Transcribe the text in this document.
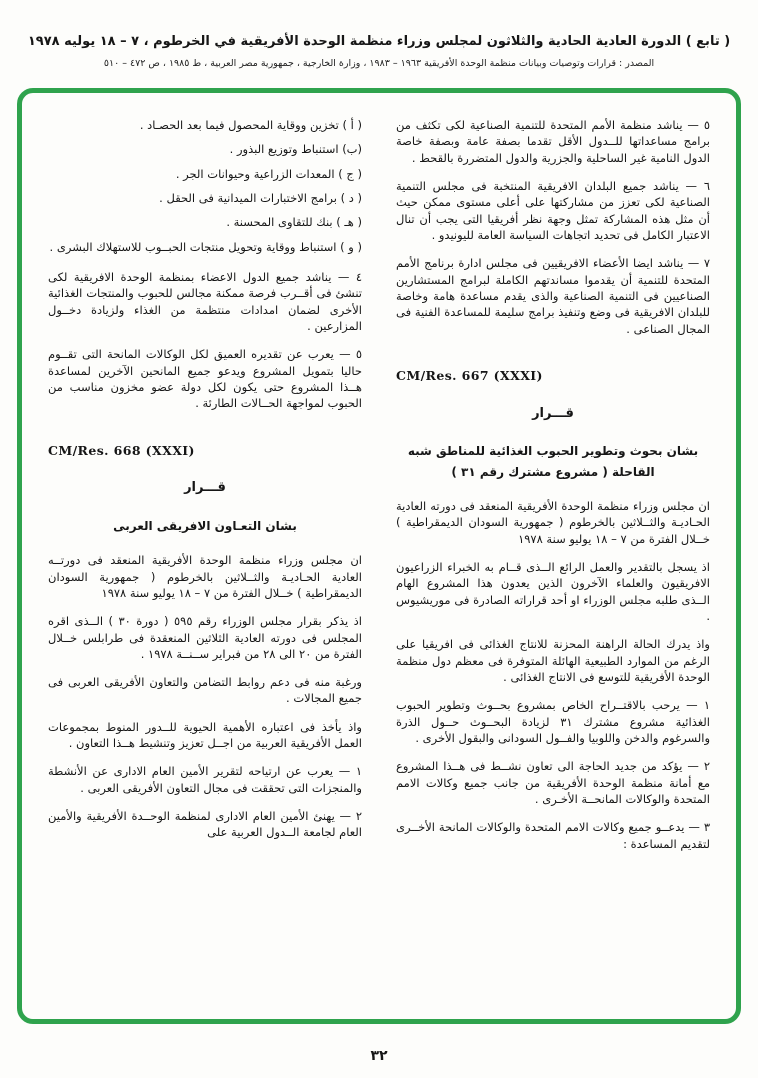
( تابع ) الدورة العادية الحادية والثلاثون لمجلس وزراء منظمة الوحدة الأفريقية في الخرطوم ، ٧ – ١٨ يوليه ١٩٧٨
المصدر : قرارات وتوصيات وبيانات منظمة الوحدة الأفريقية ١٩٦٣ – ١٩٨٣ ، وزارة الخارجية ، جمهورية مصر العربية ، ط ١٩٨٥ ، ص ٤٧٢ – ٥١٠

٥ — يناشد منظمة الأمم المتحدة للتنمية الصناعية لكى تكثف من برامج مساعداتها للــدول الأقل تقدما بصفة عامة وبصفة خاصة الدول النامية غير الساحلية والجزرية والدول المتضررة بالقحط .

٦ — يناشد جميع البلدان الافريقية المنتخبة فى مجلس التنمية الصناعية لكى تعزز من مشاركتها على أعلى مستوى ممكن حيث أن مثل هذه المشاركة تمثل وجهة نظر أفريقيا التى يجب أن تنال الاعتبار الكامل فى تحديد اتجاهات السياسة العامة لليونيدو .

٧ — يناشد ايضا الأعضاء الافريقيين فى مجلس ادارة برنامج الأمم المتحدة للتنمية أن يقدموا مساندتهم الكاملة لبرامج المستشارين الصناعيين فى التنمية الصناعية والذى يقدم مساعدة هامة وخاصة للبلدان الافريقية فى وضع وتنفيذ برامج سليمة للمساعدة الفنية فى المجال الصناعى .

CM/Res. 667 (XXXI)
قـــرار
بشان بحوث وتطوير الحبوب الغذائية للمناطق شبه القاحلة ( مشروع مشترك رقم ٣١ )

ان مجلس وزراء منظمة الوحدة الأفريقية المنعقد فى دورته العادية الحـاديـة والثــلاثين بالخرطوم ( جمهورية السودان الديمقراطية ) خــلال الفترة من ٧ – ١٨ يوليو سنة ١٩٧٨

اذ يسجل بالتقدير والعمل الرائع الــذى قــام به الخبراء الزراعيون الافريقيون والعلماء الآخرون الذين يعدون هذا المشروع الهام الــذى طلبه مجلس الوزراء او أحد قراراته الصادرة فى موريشيوس .

واذ يدرك الحالة الراهنة المحزنة للانتاج الغذائى فى افريقيا على الرغم من الموارد الطبيعية الهائلة المتوفرة فى معظم دول منظمة الوحدة الأفريقية للتوسع فى الانتاج الغذائى .

١ — يرحب بالاقتــراح الخاص بمشروع بحــوث وتطوير الحبوب الغذائية مشروع مشترك ٣١ لزيادة البحــوث حــول الذرة والسرغوم والدخن واللوبيا والفــول السودانى والبقول الأخرى .

٢ — يؤكد من جديد الحاجة الى تعاون نشــط فى هــذا المشروع مع أمانة منظمة الوحدة الأفريقية من جانب جميع وكالات الامم المتحدة والوكالات المانحــة الأخـرى .

٣ — يدعــو جميع وكالات الامم المتحدة والوكالات المانحة الأخــرى لتقديم المساعدة :

( أ ) تخزين ووقاية المحصول فيما بعد الحصـاد .

(ب) استنباط وتوزيع البذور .

( ج ) المعدات الزراعية وحيوانات الجر .

( د ) برامج الاختبارات الميدانية فى الحقل .

( هـ ) بنك للتقاوى المحسنة .

( و ) استنباط ووقاية وتحويل منتجات الحبــوب للاستهلاك البشرى .

٤ — يناشد جميع الدول الاعضاء بمنظمة الوحدة الافريقية لكى تنشئ فى أقــرب فرصة ممكنة مجالس للحبوب والمنتجات الغذائية الأخرى لضمان امدادات منتظمة من الغذاء ولزيادة دخــول المزارعين .

٥ — يعرب عن تقديره العميق لكل الوكالات المانحة التى تقــوم حاليا بتمويل المشروع ويدعو جميع المانحين الآخرين لمساعدة هــذا المشروع حتى يكون لكل دولة عضو مخزون مناسب من الحبوب لمواجهة الحــالات الطارئة .

CM/Res. 668 (XXXI)
قـــرار
بشان التعـاون الافريقى العربى

ان مجلس وزراء منظمة الوحدة الأفريقية المنعقد فى دورتــه العادية الحـاديـة والثــلاثين بالخرطوم ( جمهورية السودان الديمقراطية ) خــلال الفترة من ٧ – ١٨ يوليو سنة ١٩٧٨

اذ يذكر بقرار مجلس الوزراء رقم ٥٩٥ ( دورة ٣٠ ) الــذى اقره المجلس فى دورته العادية الثلاثين المنعقدة فى طرابلس خــلال الفترة من ٢٠ الى ٢٨ من فبراير ســنــة ١٩٧٨ .

ورغبة منه فى دعم روابط التضامن والتعاون الأفريقى العربى فى جميع المجالات .

واذ يأخذ فى اعتباره الأهمية الحيوية للــدور المنوط بمجموعات العمل الأفريقية العربية من اجــل تعزيز وتنشيط هــذا التعاون .

١ — يعرب عن ارتياحه لتقرير الأمين العام الادارى عن الأنشطة والمنجزات التى تحققت فى مجال التعاون الأفريقى العربى .

٢ — يهنئ الأمين العام الادارى لمنظمة الوحــدة الأفريقية والأمين العام لجامعة الــدول العربية على

٣٢
